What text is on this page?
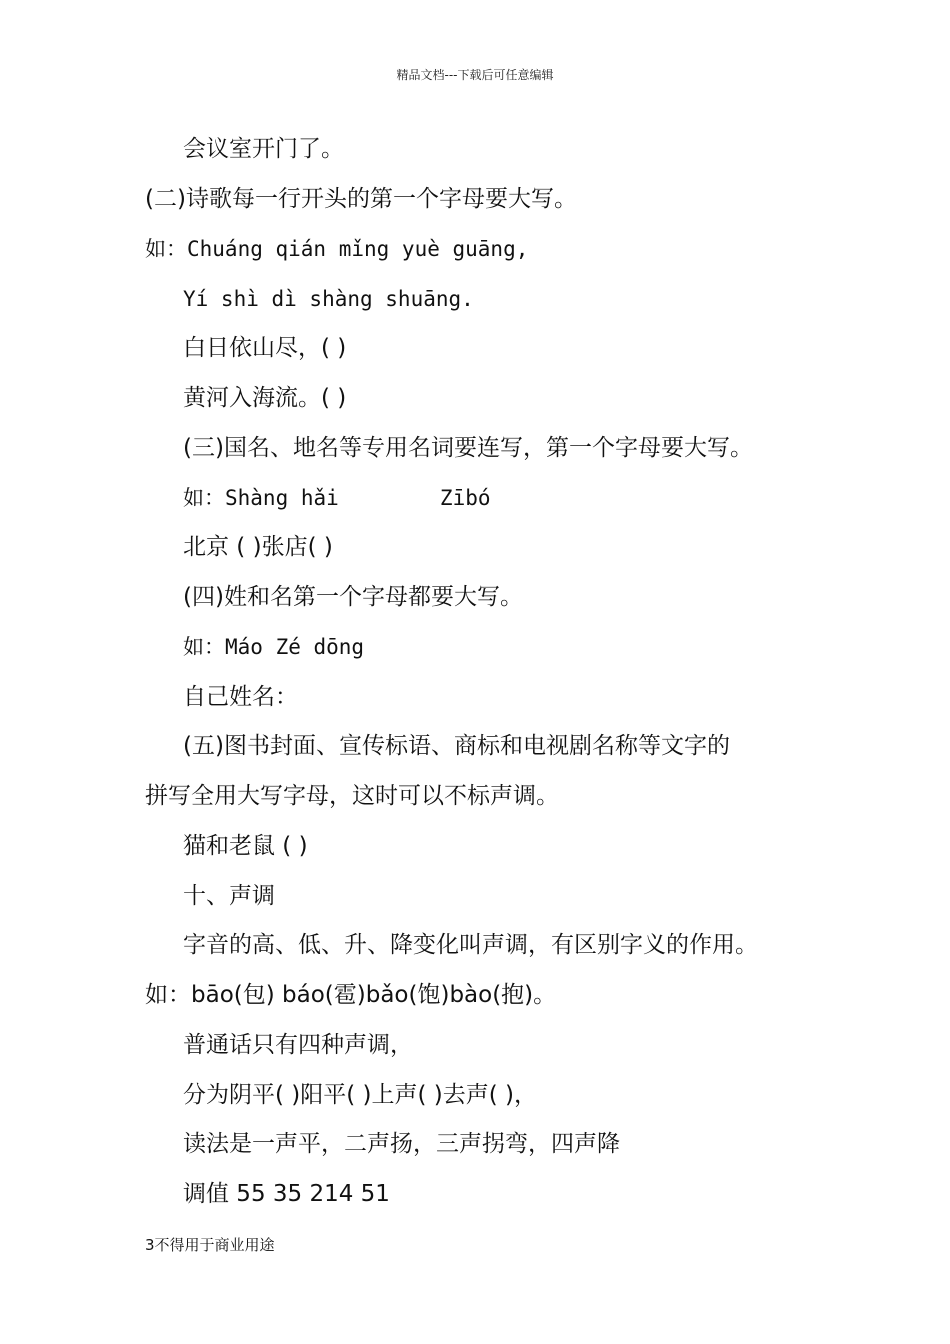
精品文档---下载后可任意编辑
会议室开门了。
(二)诗歌每一行开头的第一个字母要大写。
如：Chuáng qián mǐng yuè guāng,
Yí shì dì shàng shuāng.
白日依山尽，( )
黄河入海流。( )
(三)国名、地名等专用名词要连写，第一个字母要大写。
如：Shàng hǎi        Zībó
北京 ( )张店( )
(四)姓和名第一个字母都要大写。
如：Máo Zé dōng
自己姓名：
(五)图书封面、宣传标语、商标和电视剧名称等文字的
拼写全用大写字母，这时可以不标声调。
猫和老鼠 ( )
十、声调
字音的高、低、升、降变化叫声调，有区别字义的作用。
如：bāo(包) báo(雹)bǎo(饱)bào(抱)。
普通话只有四种声调，
分为阴平( )阳平( )上声( )去声( )，
读法是一声平，二声扬，三声拐弯，四声降
调值 55 35 214 51
3不得用于商业用途
